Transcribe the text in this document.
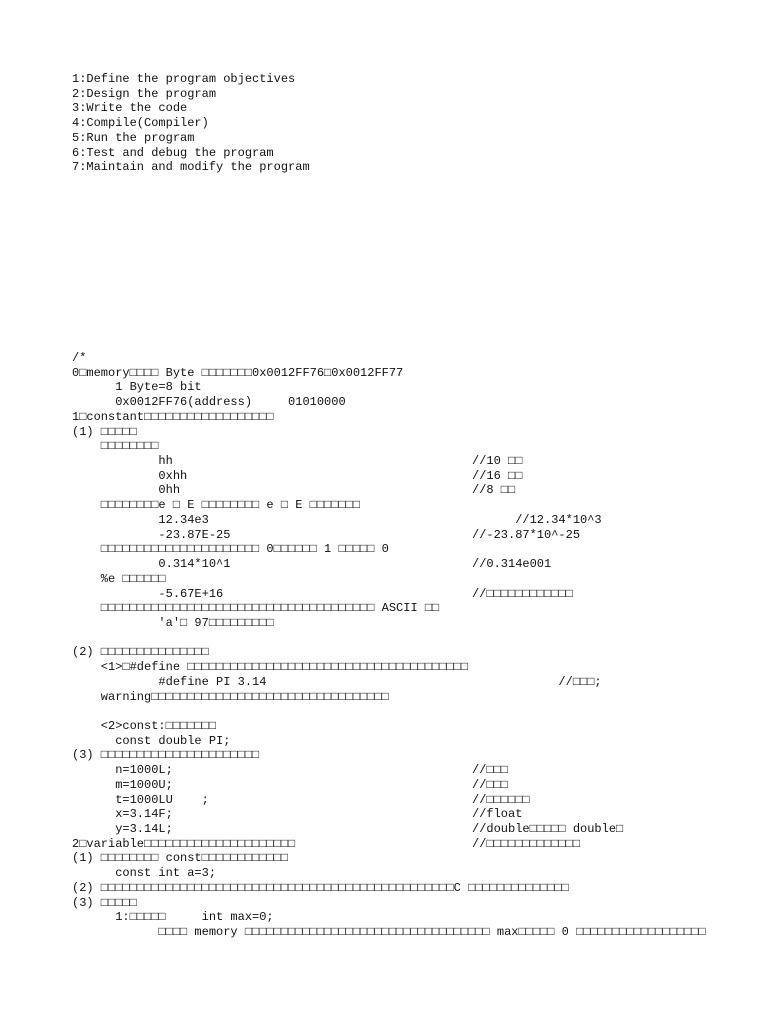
1:Define the program objectives
2:Design the program
3:Write the code
4:Compile(Compiler)
5:Run the program
6:Test and debug the program
7:Maintain and modify the program
/*
0□memory□□□□ Byte □□□□□□□0x0012FF76□0x0012FF77
1 Byte=8 bit
0x0012FF76(address)     01010000
1□constant□□□□□□□□□□□□□□□□□□
(1) □□□□□
□□□□□□□□
hh	//10 □□
0xhh	//16 □□
0hh	//8 □□
□□□□□□□□e □ E □□□□□□□□ e □ E □□□□□□□
12.34e3	//12.34*10^3
-23.87E-25	//-23.87*10^-25
□□□□□□□□□□□□□□□□□□□□□□ 0□□□□□□ 1 □□□□□ 0
0.314*10^1	//0.314e001
%e □□□□□□
-5.67E+16	//□□□□□□□□□□□□
□□□□□□□□□□□□□□□□□□□□□□□□□□□□□□□□□□□□□□ ASCII □□
'a'□ 97□□□□□□□□□
(2) □□□□□□□□□□□□□□□
<1>□#define □□□□□□□□□□□□□□□□□□□□□□□□□□□□□□□□□□□□□□□
#define PI 3.14	//□□□;
warning□□□□□□□□□□□□□□□□□□□□□□□□□□□□□□□□□
<2>const:□□□□□□□
const double PI;
(3) □□□□□□□□□□□□□□□□□□□□□□
n=1000L;	//□□□
m=1000U;	//□□□
t=1000LU    ;	//□□□□□□
x=3.14F;	//float
y=3.14L;	//double□□□□□ double□
2□variable□□□□□□□□□□□□□□□□□□□□□	//□□□□□□□□□□□□□
(1) □□□□□□□□ const□□□□□□□□□□□□
const int a=3;
(2) □□□□□□□□□□□□□□□□□□□□□□□□□□□□□□□□□□□□□□□□□□□□□□□□□C □□□□□□□□□□□□□□
(3) □□□□□
1:□□□□□     int max=0;
□□□□ memory □□□□□□□□□□□□□□□□□□□□□□□□□□□□□□□□□□ max□□□□□ 0 □□□□□□□□□□□□□□□□□□
